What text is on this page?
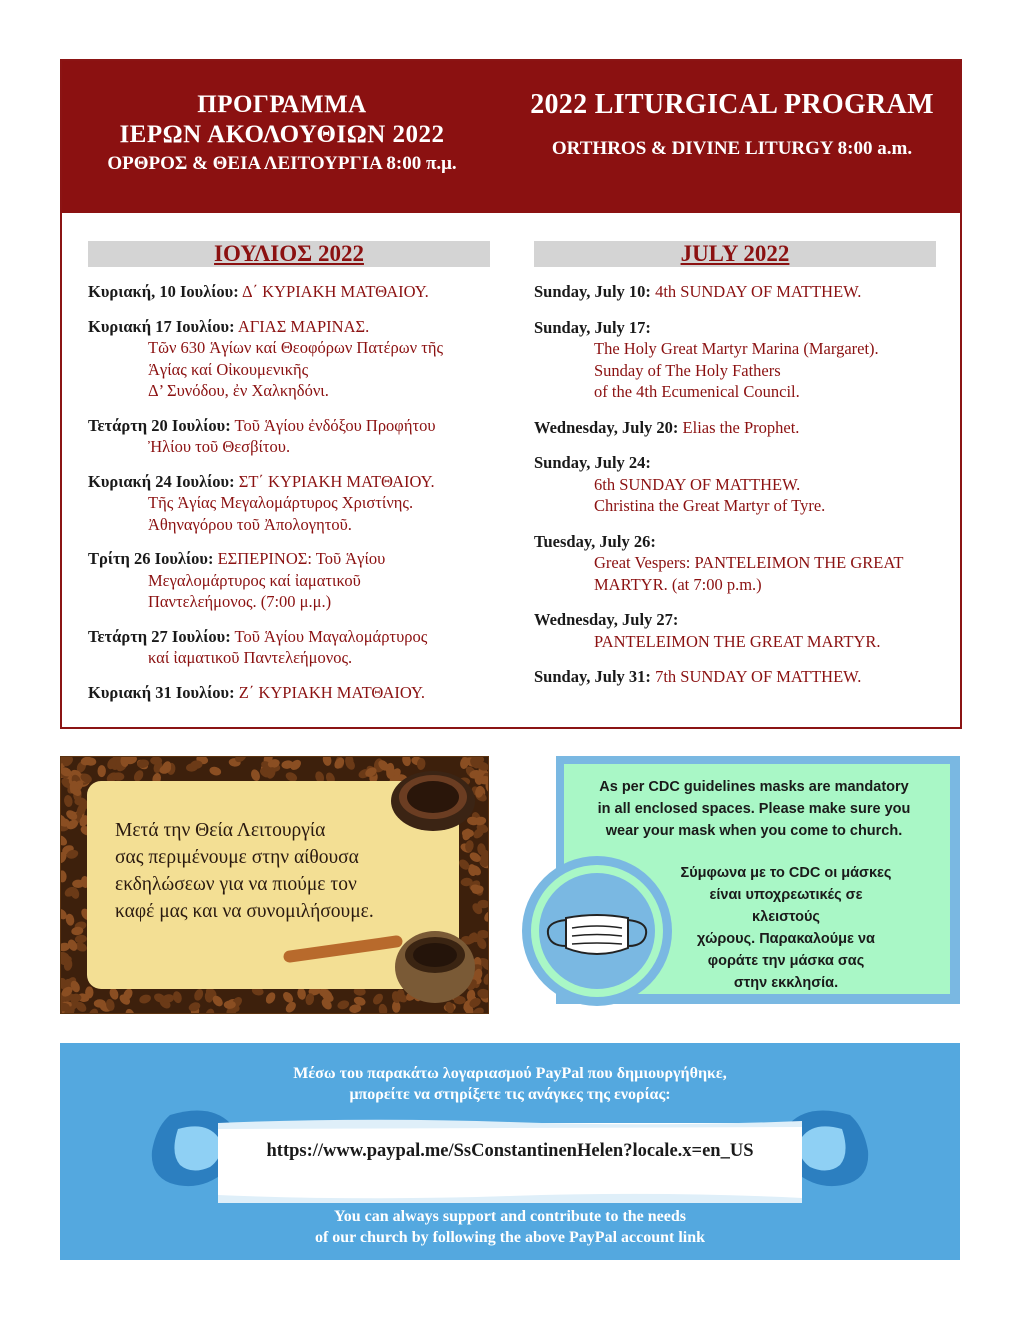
ΠΡΟΓΡΑΜΜΑ
ΙΕΡΩΝ ΑΚΟΛΟΥΘΙΩΝ 2022
ΟΡΘΡΟΣ & ΘΕΙΑ ΛΕΙΤΟΥΡΓΙΑ 8:00 π.μ.
2022 LITURGICAL PROGRAM
ORTHROS & DIVINE LITURGY 8:00 a.m.
ΙΟΥΛΙΟΣ 2022	JULY 2022
Κυριακή, 10 Ιουλίου: Δ΄ ΚΥΡΙΑΚΗ ΜΑΤΘΑΙΟΥ.
Κυριακή 17 Ιουλίου: ΑΓΙΑΣ ΜΑΡΙΝΑΣ.
Τῶν 630 Ἁγίων καί Θεοφόρων Πατέρων τῆς
Ἁγίας καί Οἰκουμενικῆς
Δ’ Συνόδου, ἐν Χαλκηδόνι.
Τετάρτη 20 Ιουλίου: Τοῦ Ἁγίου ἐνδόξου Προφήτου
Ἠλίου τοῦ Θεσβίτου.
Κυριακή 24 Ιουλίου: ΣΤ΄ ΚΥΡΙΑΚΗ ΜΑΤΘΑΙΟΥ.
Τῆς Ἁγίας Μεγαλομάρτυρος Χριστίνης.
Ἀθηναγόρου τοῦ Ἀπολογητοῦ.
Τρίτη 26 Ιουλίου: ΕΣΠΕΡΙΝΟΣ: Τοῦ Ἁγίου
Μεγαλομάρτυρος καί ἰαματικοῦ
Παντελεήμονος. (7:00 μ.μ.)
Τετάρτη 27 Ιουλίου: Τοῦ Ἁγίου Μαγαλομάρτυρος
καί ἰαματικοῦ Παντελεήμονος.
Κυριακή 31 Ιουλίου: Ζ΄ ΚΥΡΙΑΚΗ ΜΑΤΘΑΙΟΥ.
Sunday, July 10: 4th SUNDAY OF MATTHEW.
Sunday, July 17:
The Holy Great Martyr Marina (Margaret).
Sunday of The Holy Fathers
of the 4th Ecumenical Council.
Wednesday, July 20: Elias the Prophet.
Sunday, July 24:
6th SUNDAY OF MATTHEW.
Christina the Great Martyr of Tyre.
Tuesday, July 26:
Great Vespers: PANTELEIMON THE GREAT
MARTYR. (at 7:00 p.m.)
Wednesday, July 27:
PANTELEIMON THE GREAT MARTYR.
Sunday, July 31: 7th SUNDAY OF MATTHEW.
Μετά την Θεία Λειτουργία
σας περιμένουμε στην αίθουσα
εκδηλώσεων για να πιούμε τον
καφέ μας και να συνομιλήσουμε.
As per CDC guidelines masks are mandatory
in all enclosed spaces. Please make sure you
wear your mask when you come to church.
Σύμφωνα με το CDC οι μάσκες
είναι υποχρεωτικές σε κλειστούς
χώρους. Παρακαλούμε να
φοράτε την μάσκα σας
στην εκκλησία.
Μέσω του παρακάτω λογαριασμού PayPal που δημιουργήθηκε,
μπορείτε να στηρίξετε τις ανάγκες της ενορίας:
https://www.paypal.me/SsConstantinenHelen?locale.x=en_US
You can always support and contribute to the needs
of our church by following the above PayPal account link
